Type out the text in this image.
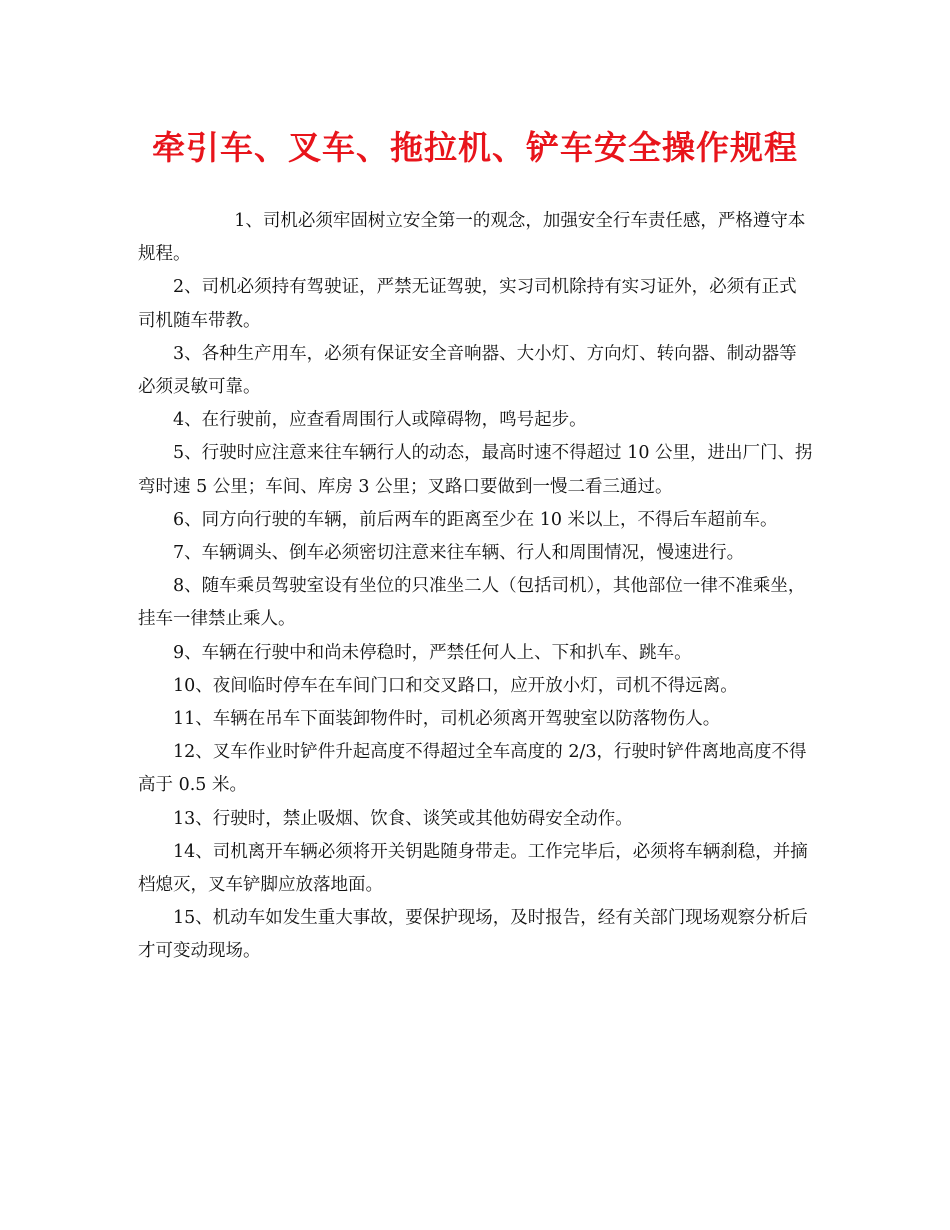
牵引车、叉车、拖拉机、铲车安全操作规程

1、司机必须牢固树立安全第一的观念，加强安全行车责任感，严格遵守本规程。

2、司机必须持有驾驶证，严禁无证驾驶，实习司机除持有实习证外，必须有正式司机随车带教。

3、各种生产用车，必须有保证安全音响器、大小灯、方向灯、转向器、制动器等必须灵敏可靠。

4、在行驶前，应查看周围行人或障碍物，鸣号起步。

5、行驶时应注意来往车辆行人的动态，最高时速不得超过 10 公里，进出厂门、拐弯时速 5 公里；车间、库房 3 公里；叉路口要做到一慢二看三通过。

6、同方向行驶的车辆，前后两车的距离至少在 10 米以上，不得后车超前车。

7、车辆调头、倒车必须密切注意来往车辆、行人和周围情况，慢速进行。

8、随车乘员驾驶室设有坐位的只准坐二人（包括司机），其他部位一律不准乘坐，挂车一律禁止乘人。

9、车辆在行驶中和尚未停稳时，严禁任何人上、下和扒车、跳车。

10、夜间临时停车在车间门口和交叉路口，应开放小灯，司机不得远离。

11、车辆在吊车下面装卸物件时，司机必须离开驾驶室以防落物伤人。

12、叉车作业时铲件升起高度不得超过全车高度的 2/3，行驶时铲件离地高度不得高于 0.5 米。

13、行驶时，禁止吸烟、饮食、谈笑或其他妨碍安全动作。

14、司机离开车辆必须将开关钥匙随身带走。工作完毕后，必须将车辆刹稳，并摘档熄灭，叉车铲脚应放落地面。

15、机动车如发生重大事故，要保护现场，及时报告，经有关部门现场观察分析后才可变动现场。
